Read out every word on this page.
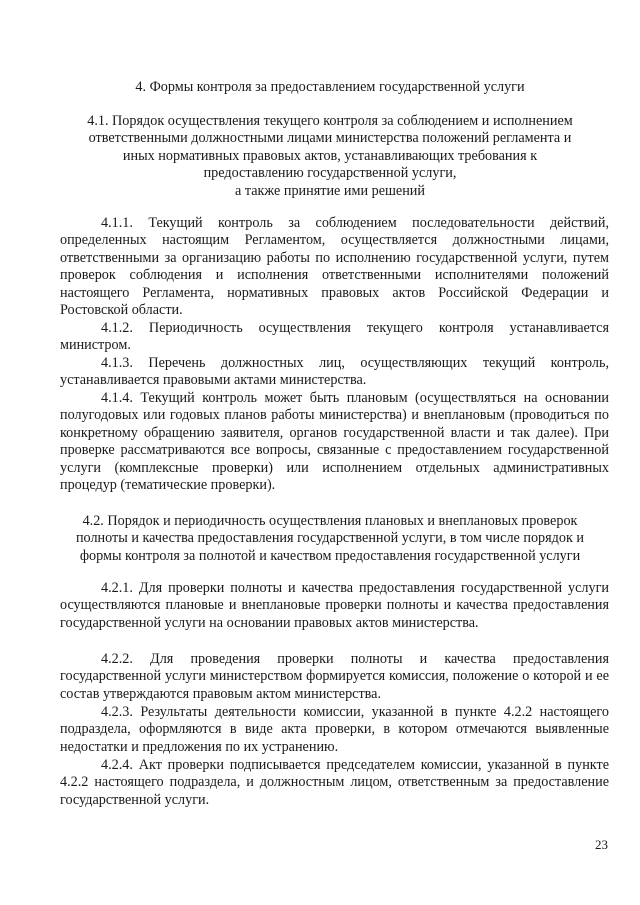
4. Формы контроля за предоставлением государственной услуги
4.1. Порядок осуществления текущего контроля за соблюдением и исполнением
ответственными должностными лицами министерства положений регламента и
иных нормативных правовых актов, устанавливающих требования к
предоставлению государственной услуги,
а также принятие ими решений

4.1.1. Текущий контроль за соблюдением последовательности действий, определенных настоящим Регламентом, осуществляется должностными лицами, ответственными за организацию работы по исполнению государственной услуги, путем проверок соблюдения и исполнения ответственными исполнителями положений настоящего Регламента, нормативных правовых актов Российской Федерации и Ростовской области.

4.1.2. Периодичность осуществления текущего контроля устанавливается министром.

4.1.3. Перечень должностных лиц, осуществляющих текущий контроль, устанавливается правовыми актами министерства.

4.1.4. Текущий контроль может быть плановым (осуществляться на основании полугодовых или годовых планов работы министерства) и внеплановым (проводиться по конкретному обращению заявителя, органов государственной власти и так далее). При проверке рассматриваются все вопросы, связанные с предоставлением государственной услуги (комплексные проверки) или исполнением отдельных административных процедур (тематические проверки).

4.2. Порядок и периодичность осуществления плановых и внеплановых проверок
полноты и качества предоставления государственной услуги, в том числе порядок и
формы контроля за полнотой и качеством предоставления государственной услуги

4.2.1. Для проверки полноты и качества предоставления государственной услуги осуществляются плановые и внеплановые проверки полноты и качества предоставления государственной услуги на основании правовых актов министерства.

4.2.2. Для проведения проверки полноты и качества предоставления государственной услуги министерством формируется комиссия, положение о которой и ее состав утверждаются правовым актом министерства.

4.2.3. Результаты деятельности комиссии, указанной в пункте 4.2.2 настоящего подраздела, оформляются в виде акта проверки, в котором отмечаются выявленные недостатки и предложения по их устранению.

4.2.4. Акт проверки подписывается председателем комиссии, указанной в пункте 4.2.2 настоящего подраздела, и должностным лицом, ответственным за предоставление государственной услуги.

23
